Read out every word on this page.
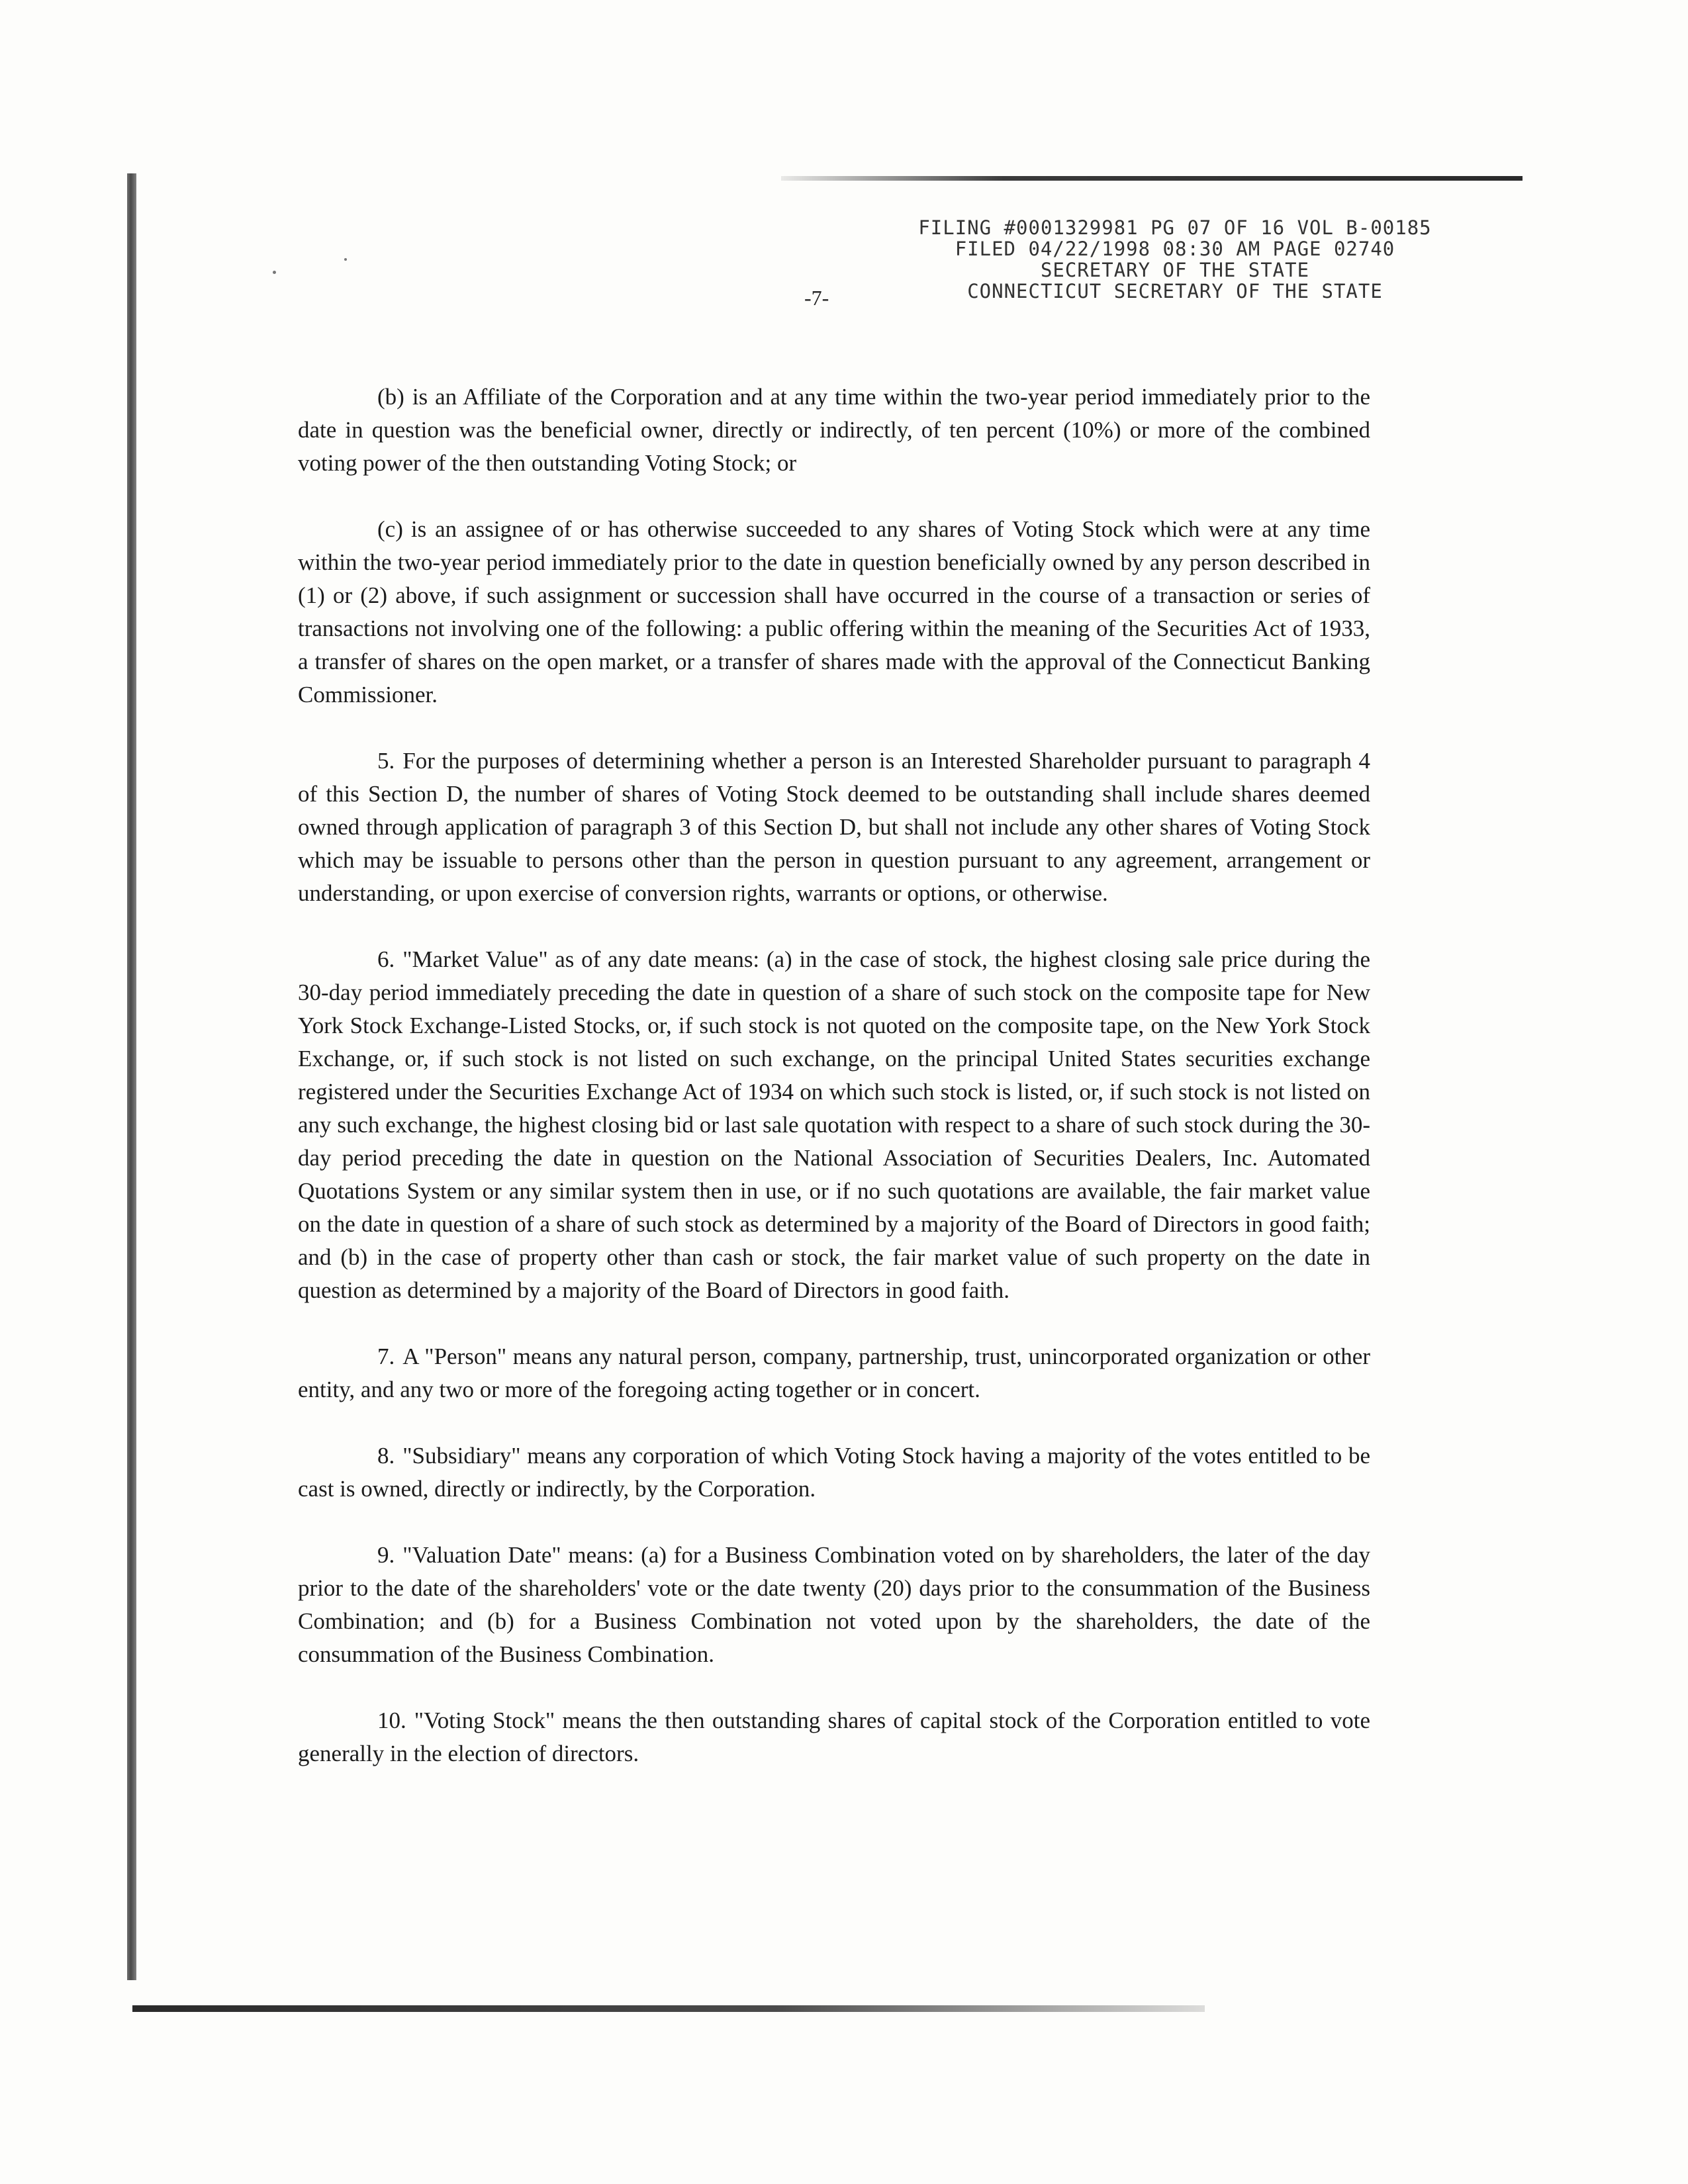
FILING #0001329981 PG 07 OF 16 VOL B-00185
FILED 04/22/1998 08:30 AM PAGE 02740
SECRETARY OF THE STATE
CONNECTICUT SECRETARY OF THE STATE
-7-

(b) is an Affiliate of the Corporation and at any time within the two-year period immediately prior to the date in question was the beneficial owner, directly or indirectly, of ten percent (10%) or more of the combined voting power of the then outstanding Voting Stock; or

(c) is an assignee of or has otherwise succeeded to any shares of Voting Stock which were at any time within the two-year period immediately prior to the date in question beneficially owned by any person described in (1) or (2) above, if such assignment or succession shall have occurred in the course of a transaction or series of transactions not involving one of the following: a public offering within the meaning of the Securities Act of 1933, a transfer of shares on the open market, or a transfer of shares made with the approval of the Connecticut Banking Commissioner.

5. For the purposes of determining whether a person is an Interested Shareholder pursuant to paragraph 4 of this Section D, the number of shares of Voting Stock deemed to be outstanding shall include shares deemed owned through application of paragraph 3 of this Section D, but shall not include any other shares of Voting Stock which may be issuable to persons other than the person in question pursuant to any agreement, arrangement or understanding, or upon exercise of conversion rights, warrants or options, or otherwise.

6. "Market Value" as of any date means: (a) in the case of stock, the highest closing sale price during the 30-day period immediately preceding the date in question of a share of such stock on the composite tape for New York Stock Exchange-Listed Stocks, or, if such stock is not quoted on the composite tape, on the New York Stock Exchange, or, if such stock is not listed on such exchange, on the principal United States securities exchange registered under the Securities Exchange Act of 1934 on which such stock is listed, or, if such stock is not listed on any such exchange, the highest closing bid or last sale quotation with respect to a share of such stock during the 30-day period preceding the date in question on the National Association of Securities Dealers, Inc. Automated Quotations System or any similar system then in use, or if no such quotations are available, the fair market value on the date in question of a share of such stock as determined by a majority of the Board of Directors in good faith; and (b) in the case of property other than cash or stock, the fair market value of such property on the date in question as determined by a majority of the Board of Directors in good faith.

7. A "Person" means any natural person, company, partnership, trust, unincorporated organization or other entity, and any two or more of the foregoing acting together or in concert.

8. "Subsidiary" means any corporation of which Voting Stock having a majority of the votes entitled to be cast is owned, directly or indirectly, by the Corporation.

9. "Valuation Date" means: (a) for a Business Combination voted on by shareholders, the later of the day prior to the date of the shareholders' vote or the date twenty (20) days prior to the consummation of the Business Combination; and (b) for a Business Combination not voted upon by the shareholders, the date of the consummation of the Business Combination.

10. "Voting Stock" means the then outstanding shares of capital stock of the Corporation entitled to vote generally in the election of directors.
